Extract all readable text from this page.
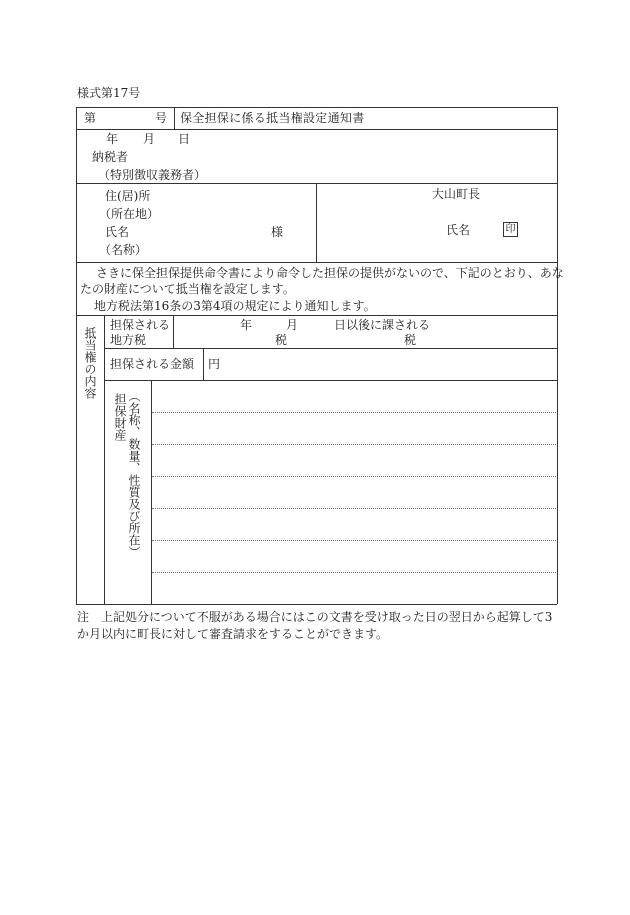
様式第17号
第	号 保全担保に係る抵当権設定通知書
年 月 日
納税者
（特別徴収義務者）
住(居)所
（所在地）
氏名	様
（名称）
大山町長
氏名	印
さきに保全担保提供命令書により命令した担保の提供がないので、下記のとおり、あな
たの財産について抵当権を設定します。
地方税法第16条の3第4項の規定により通知します。
抵当権の内容
担保される
地方税
年	月	日以後に課される
税	税
担保される金額 円
担保財産 （名称、数量、性質及び所在）
注　上記処分について不服がある場合にはこの文書を受け取った日の翌日から起算して3
か月以内に町長に対して審査請求をすることができます。
